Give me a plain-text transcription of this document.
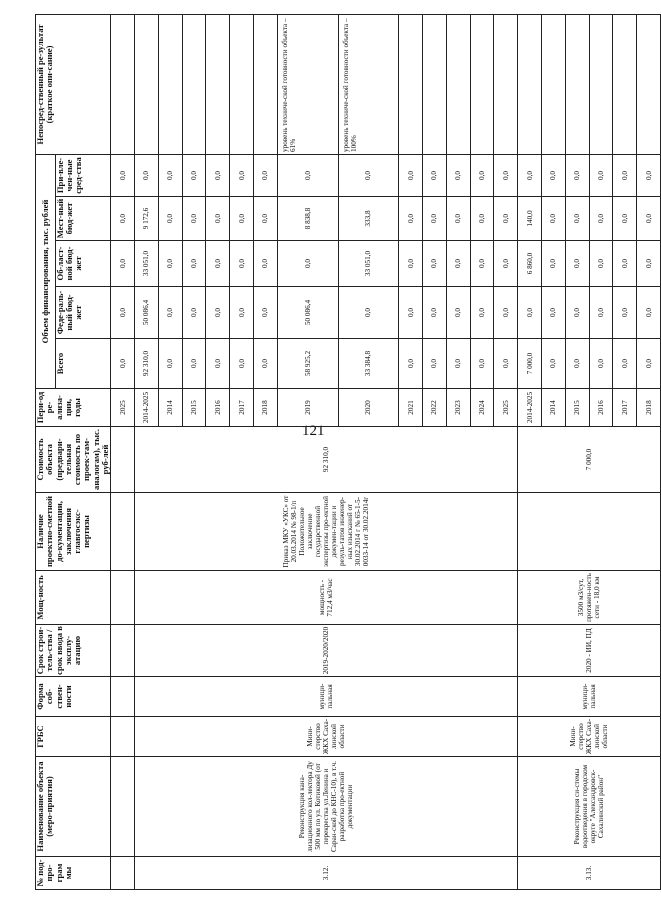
121
№ под-про-грам мы	Наименование объекта (меро-приятия)	ГРБС	Форма соб-ствен-ности	Срок строи-тель-ства / срок ввода в эксплу-атацию	Мощ-ность	Наличие проектно-сметной до-кументации, заключения главгосэкс-пертизы	Стоимость объекта (предвари-тельная стоимость по проек-там-аналогам), тыс. руб-лей	Пери-од ре-ализа-ции, годы	Объем финансирования, тыс. рублей					Непосред-ственный ре-зультат (краткое опи-сание)
									Всего	Феде-раль-ный бюд-жет	Об-ласт-ной бюд-жет	Мест-ный бюд-жет	При-вле-чен-ные сред-ства	
								2025	0,0	0,0	0,0	0,0	0,0	
3.12.	Реконструкция кана-лизационного кол-лектора Ду 500 мм по ул. Котиковой (от перекрестка ул.Ленина и Саран-ской до КНС-10), в т.ч. разработка про-ектной документации	Мини-стерство ЖКХ Саха-линской области	муници-пальная	2019-2020/2020	мощность - 712,4 м3/час	Приказ МКУ «УКС» от 20.03.2014 № 98-1/п Положительное заключение государственной экспертизы про-ектной докумен-тации и резуль-татов инженер-ных изысканий от 30.02.2014 г № 65-1-5-0033-14 от 30.02.2014г	92 310,0	2014-2025	92 310,0	50 086,4	33 051,0	9 172,6	0,0	
								2014	0,0	0,0	0,0	0,0	0,0	
								2015	0,0	0,0	0,0	0,0	0,0	
								2016	0,0	0,0	0,0	0,0	0,0	
								2017	0,0	0,0	0,0	0,0	0,0	
								2018	0,0	0,0	0,0	0,0	0,0	
								2019	58 925,2	50 086,4	0,0	8 838,8	0,0	уровень техниче-ской готовности объекта – 61%
								2020	33 384,8	0,0	33 051,0	333,8	0,0	уровень техниче-ской готовности объекта – 100%
								2021	0,0	0,0	0,0	0,0	0,0	
								2022	0,0	0,0	0,0	0,0	0,0	
								2023	0,0	0,0	0,0	0,0	0,0	
								2024	0,0	0,0	0,0	0,0	0,0	
								2025	0,0	0,0	0,0	0,0	0,0	
3.13.	Реконструкция си-стемы водоотведения в городском округе "Александровск-Сахалинский район"	Мини-стерство ЖКХ Саха-линской области	муници-пальная	2020 - ИИ, ПД	3500 м3/сут, протяжен-ность сети - 18,0 км		7 000,0	2014-2025	7 000,0	0,0	6 860,0	140,0	0,0	
								2014	0,0	0,0	0,0	0,0	0,0	
								2015	0,0	0,0	0,0	0,0	0,0	
								2016	0,0	0,0	0,0	0,0	0,0	
								2017	0,0	0,0	0,0	0,0	0,0	
								2018	0,0	0,0	0,0	0,0	0,0	
